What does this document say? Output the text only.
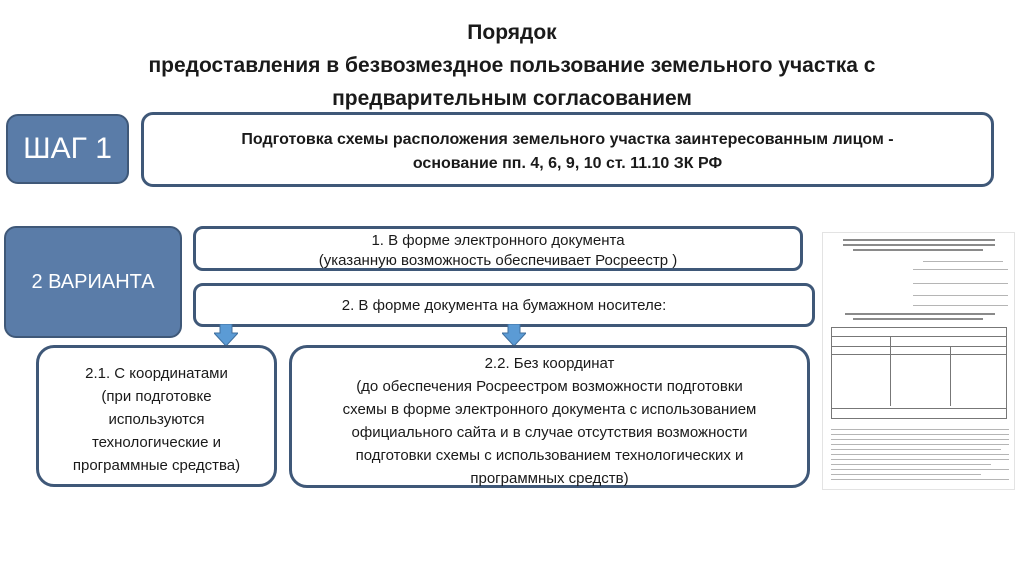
Порядок
предоставления в безвозмездное пользование земельного участка с
предварительным согласованием
ШАГ 1	Подготовка схемы расположения земельного участка заинтересованным лицом -
основание пп. 4, 6, 9, 10 ст. 11.10 ЗК РФ
2 ВАРИАНТА
1. В форме электронного документа
(указанную возможность обеспечивает Росреестр )
2. В форме документа на бумажном носителе:
2.1. С координатами
(при подготовке
используются
технологические и
программные средства)
2.2. Без координат
(до обеспечения Росреестром возможности подготовки
схемы в форме электронного документа с использованием
официального сайта и в случае отсутствия возможности
подготовки схемы с использованием технологических и
программных средств)
